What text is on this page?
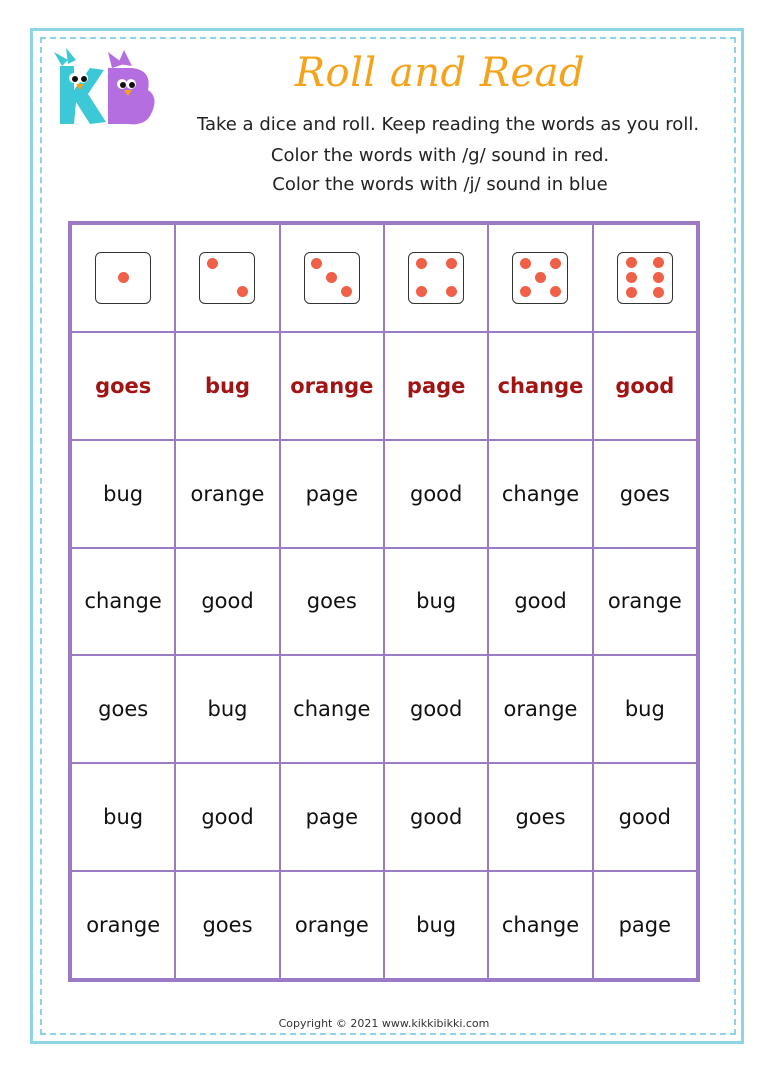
Roll and Read
Take a dice and roll. Keep reading the words as you roll.
Color the words with /g/ sound in red.
Color the words with /j/ sound in blue
goes	bug	orange	page	change	good
bug	orange	page	good	change	goes
change	good	goes	bug	good	orange
goes	bug	change	good	orange	bug
bug	good	page	good	goes	good
orange	goes	orange	bug	change	page
Copyright © 2021 www.kikkibikki.com
